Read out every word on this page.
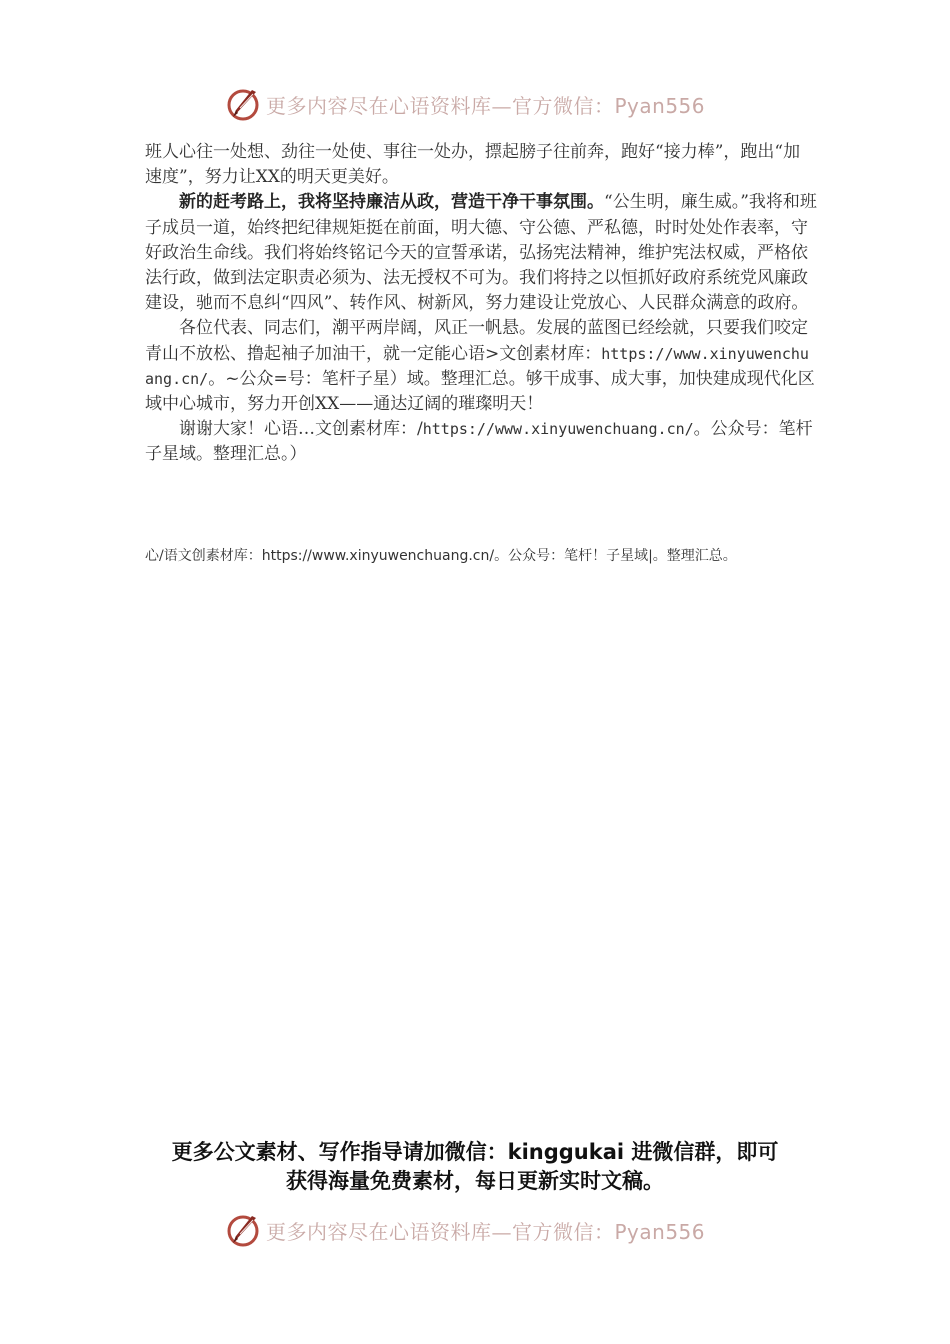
更多内容尽在心语资料库—官方微信：Pyan556

班人心往一处想、劲往一处使、事往一处办，摽起膀子往前奔，跑好“接力棒”，跑出“加速度”，努力让XX的明天更美好。

新的赶考路上，我将坚持廉洁从政，营造干净干事氛围。“公生明，廉生威。”我将和班子成员一道，始终把纪律规矩挺在前面，明大德、守公德、严私德，时时处处作表率，守好政治生命线。我们将始终铭记今天的宣誓承诺，弘扬宪法精神，维护宪法权威，严格依法行政，做到法定职责必须为、法无授权不可为。我们将持之以恒抓好政府系统党风廉政建设，驰而不息纠“四风”、转作风、树新风，努力建设让党放心、人民群众满意的政府。

各位代表、同志们，潮平两岸阔，风正一帆悬。发展的蓝图已经绘就，只要我们咬定青山不放松、撸起袖子加油干，就一定能心语>文创素材库：https://www.xinyuwenchuang.cn/。~公众=号：笔杆子星）域。整理汇总。够干成事、成大事，加快建成现代化区域中心城市，努力开创XX——通达辽阔的璀璨明天！

谢谢大家！心语…文创素材库：/https://www.xinyuwenchuang.cn/。公众号：笔杆子星域。整理汇总。）

心/语文创素材库：https://www.xinyuwenchuang.cn/。公众号：笔杆！子星域|。整理汇总。
更多公文素材、写作指导请加微信：kinggukai 进微信群，即可
获得海量免费素材，每日更新实时文稿。
更多内容尽在心语资料库—官方微信：Pyan556
